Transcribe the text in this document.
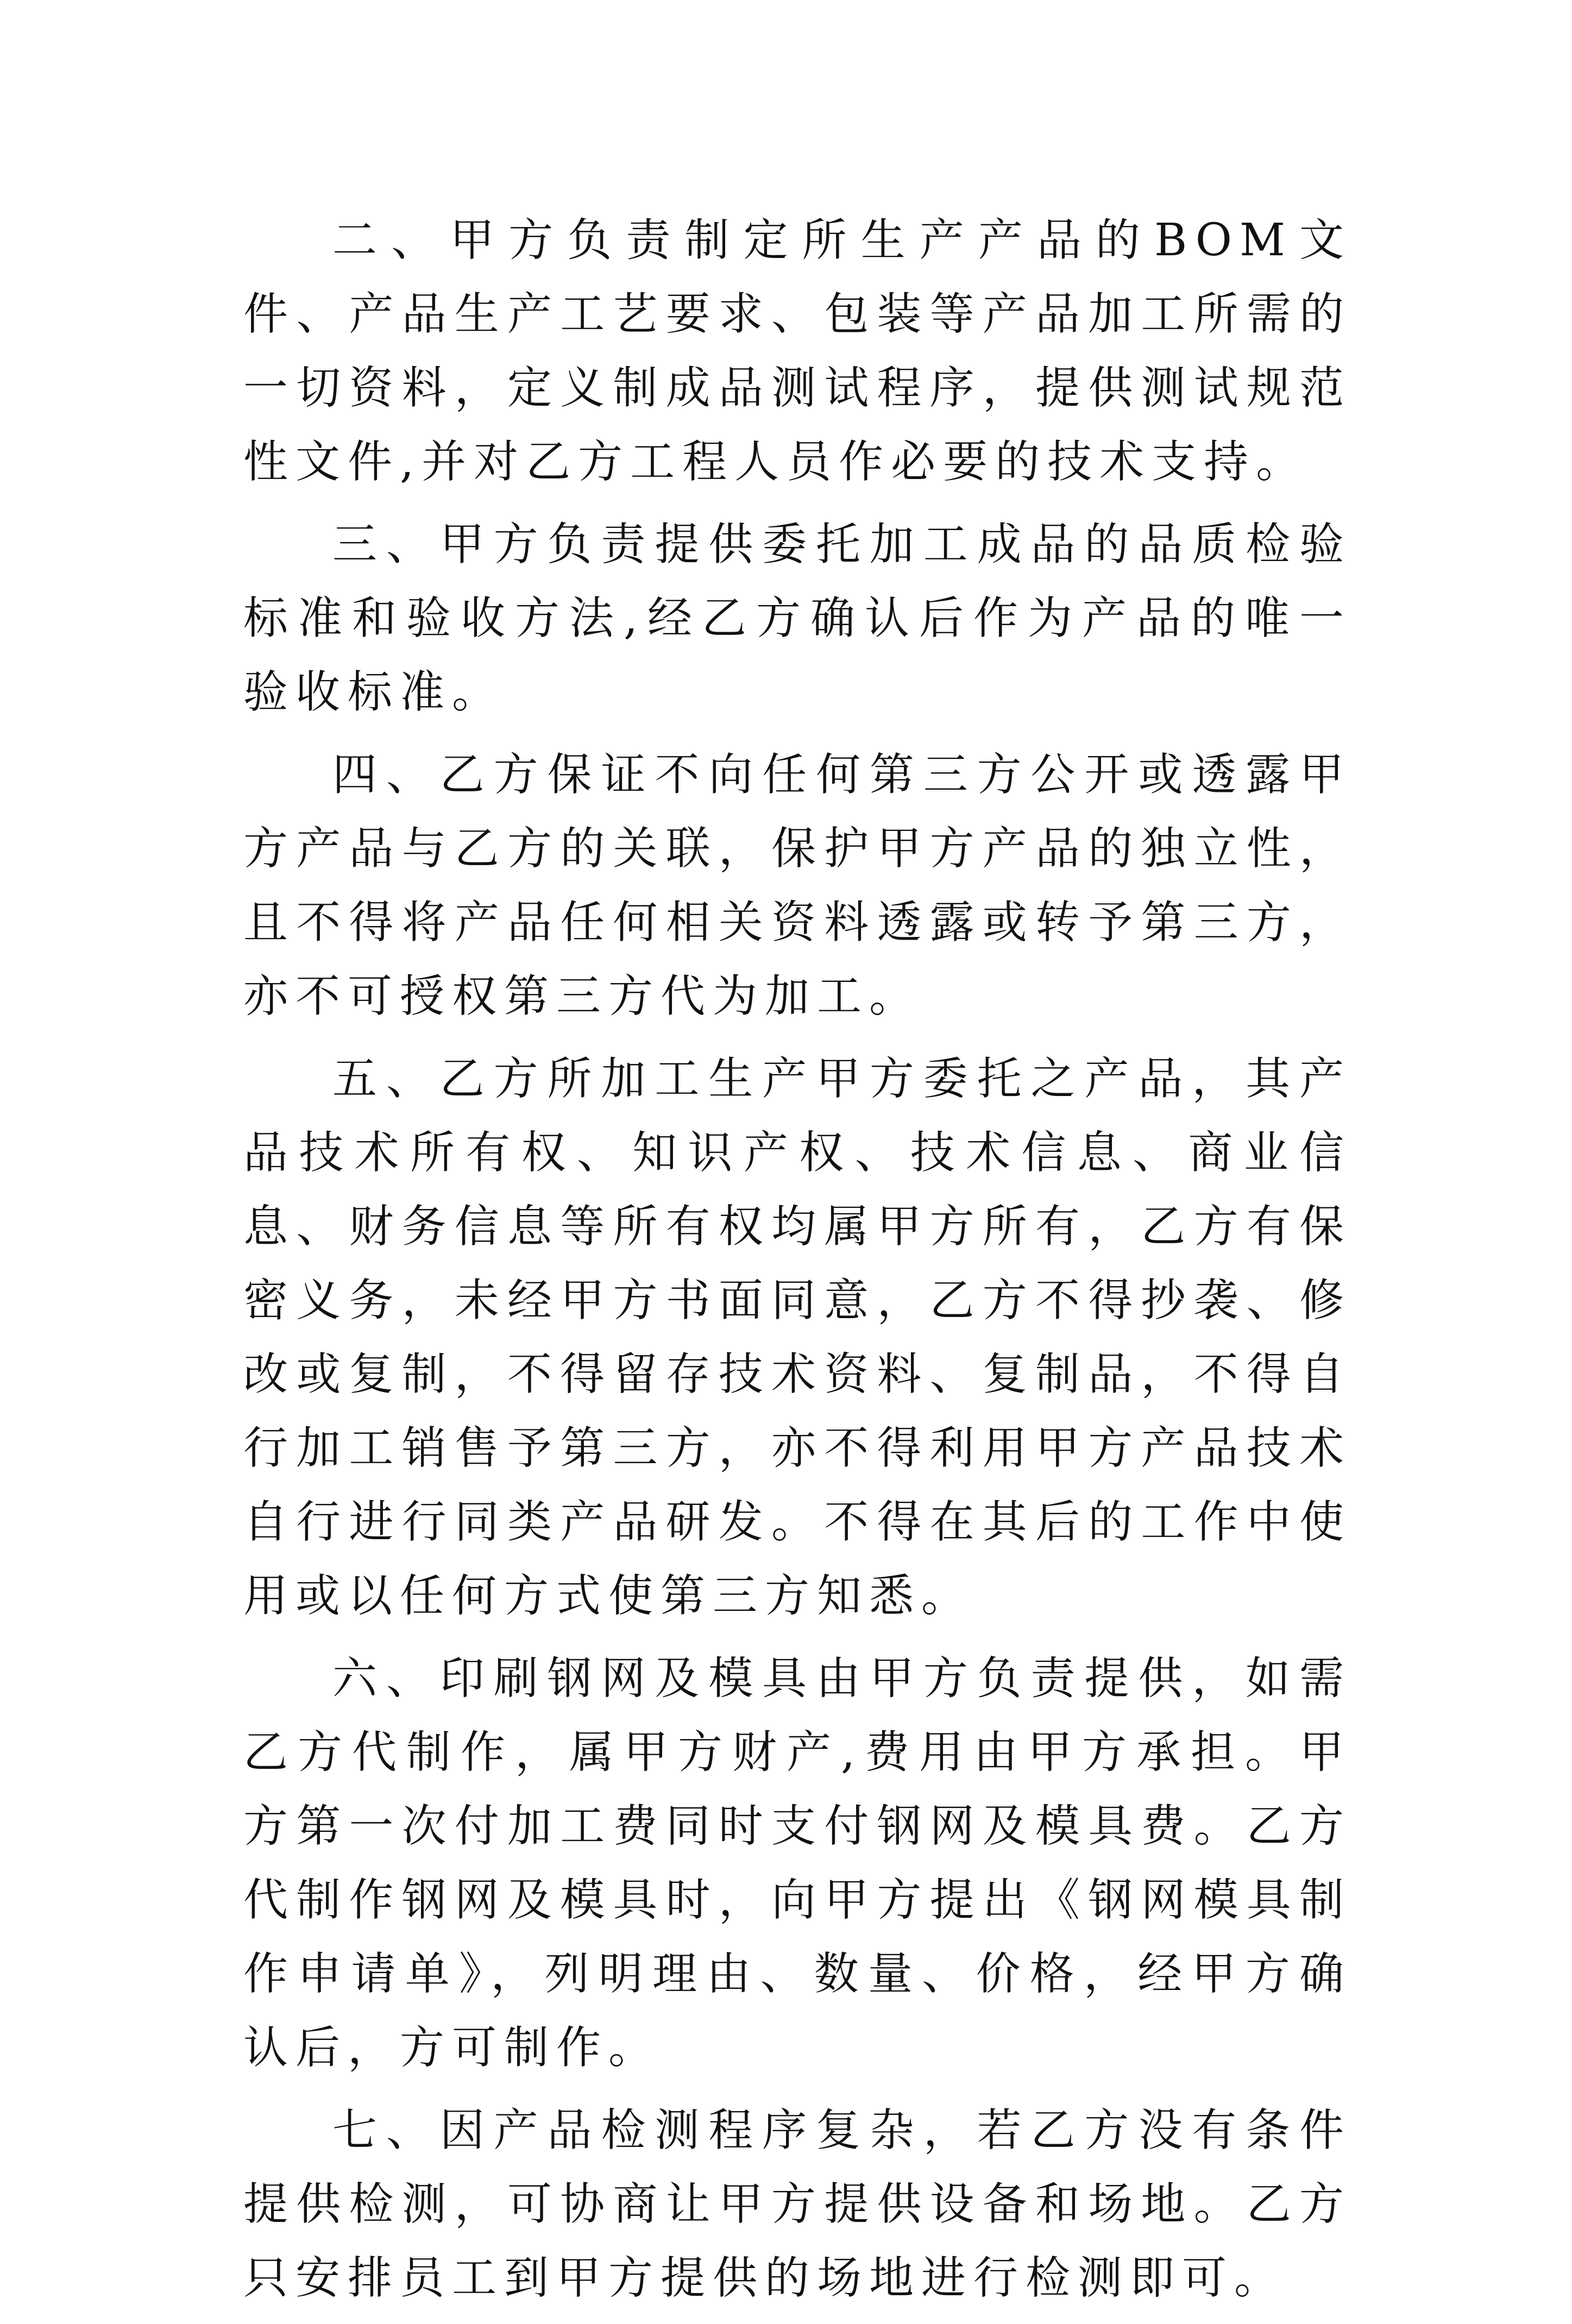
二、甲方负责制定所生产产品的BOM文件、产品生产工艺要求、包装等产品加工所需的一切资料，定义制成品测试程序，提供测试规范性文件,并对乙方工程人员作必要的技术支持。

三、甲方负责提供委托加工成品的品质检验标准和验收方法,经乙方确认后作为产品的唯一验收标准。

四、乙方保证不向任何第三方公开或透露甲方产品与乙方的关联，保护甲方产品的独立性，且不得将产品任何相关资料透露或转予第三方，亦不可授权第三方代为加工。

五、乙方所加工生产甲方委托之产品，其产品技术所有权、知识产权、技术信息、商业信息、财务信息等所有权均属甲方所有，乙方有保密义务，未经甲方书面同意，乙方不得抄袭、修改或复制，不得留存技术资料、复制品，不得自行加工销售予第三方，亦不得利用甲方产品技术自行进行同类产品研发。不得在其后的工作中使用或以任何方式使第三方知悉。

六、印刷钢网及模具由甲方负责提供，如需乙方代制作，属甲方财产,费用由甲方承担。甲方第一次付加工费同时支付钢网及模具费。乙方代制作钢网及模具时，向甲方提出《钢网模具制作申请单》，列明理由、数量、价格，经甲方确认后，方可制作。

七、因产品检测程序复杂，若乙方没有条件提供检测，可协商让甲方提供设备和场地。乙方只安排员工到甲方提供的场地进行检测即可。
